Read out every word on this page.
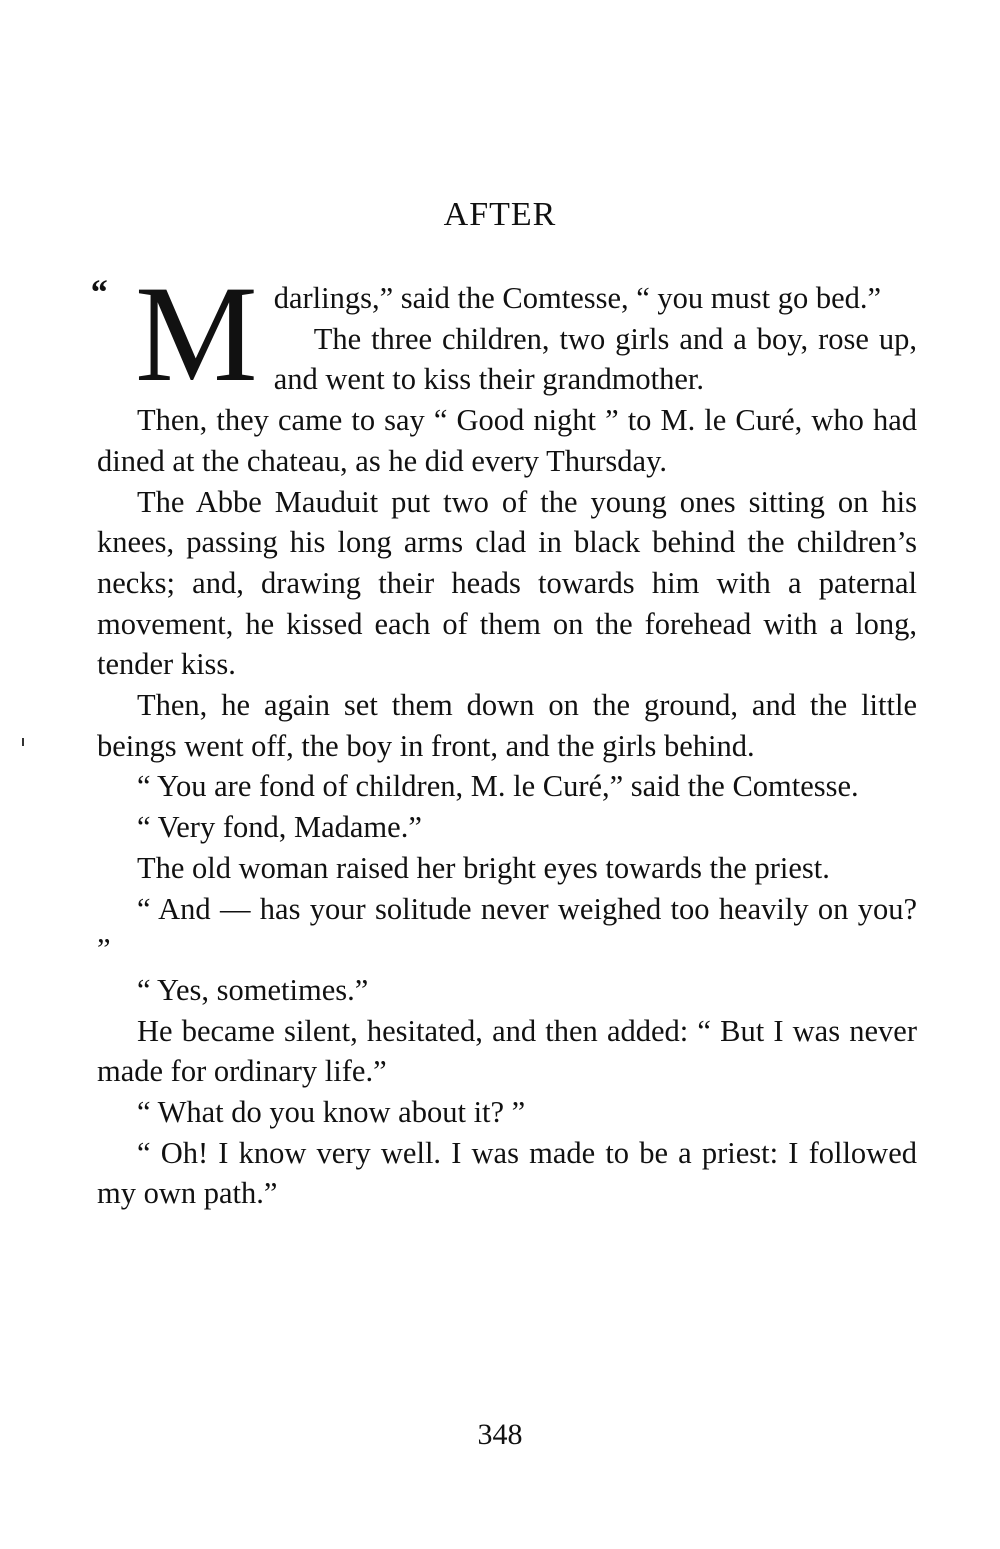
AFTER
“ M darlings,” said the Comtesse, “ you must go bed.”

The three children, two girls and a boy, rose up, and went to kiss their grandmother.

Then, they came to say “ Good night ” to M. le Curé, who had dined at the chateau, as he did every Thursday.

The Abbe Mauduit put two of the young ones sitting on his knees, passing his long arms clad in black behind the children’s necks; and, drawing their heads towards him with a paternal movement, he kissed each of them on the forehead with a long, tender kiss.

Then, he again set them down on the ground, and the little beings went off, the boy in front, and the girls behind.

“ You are fond of children, M. le Curé,” said the Comtesse.

“ Very fond, Madame.”

The old woman raised her bright eyes towards the priest.

“ And — has your solitude never weighed too heavily on you? ”

“ Yes, sometimes.”

He became silent, hesitated, and then added: “ But I was never made for ordinary life.”

“ What do you know about it? ”

“ Oh! I know very well. I was made to be a priest: I followed my own path.”

348
